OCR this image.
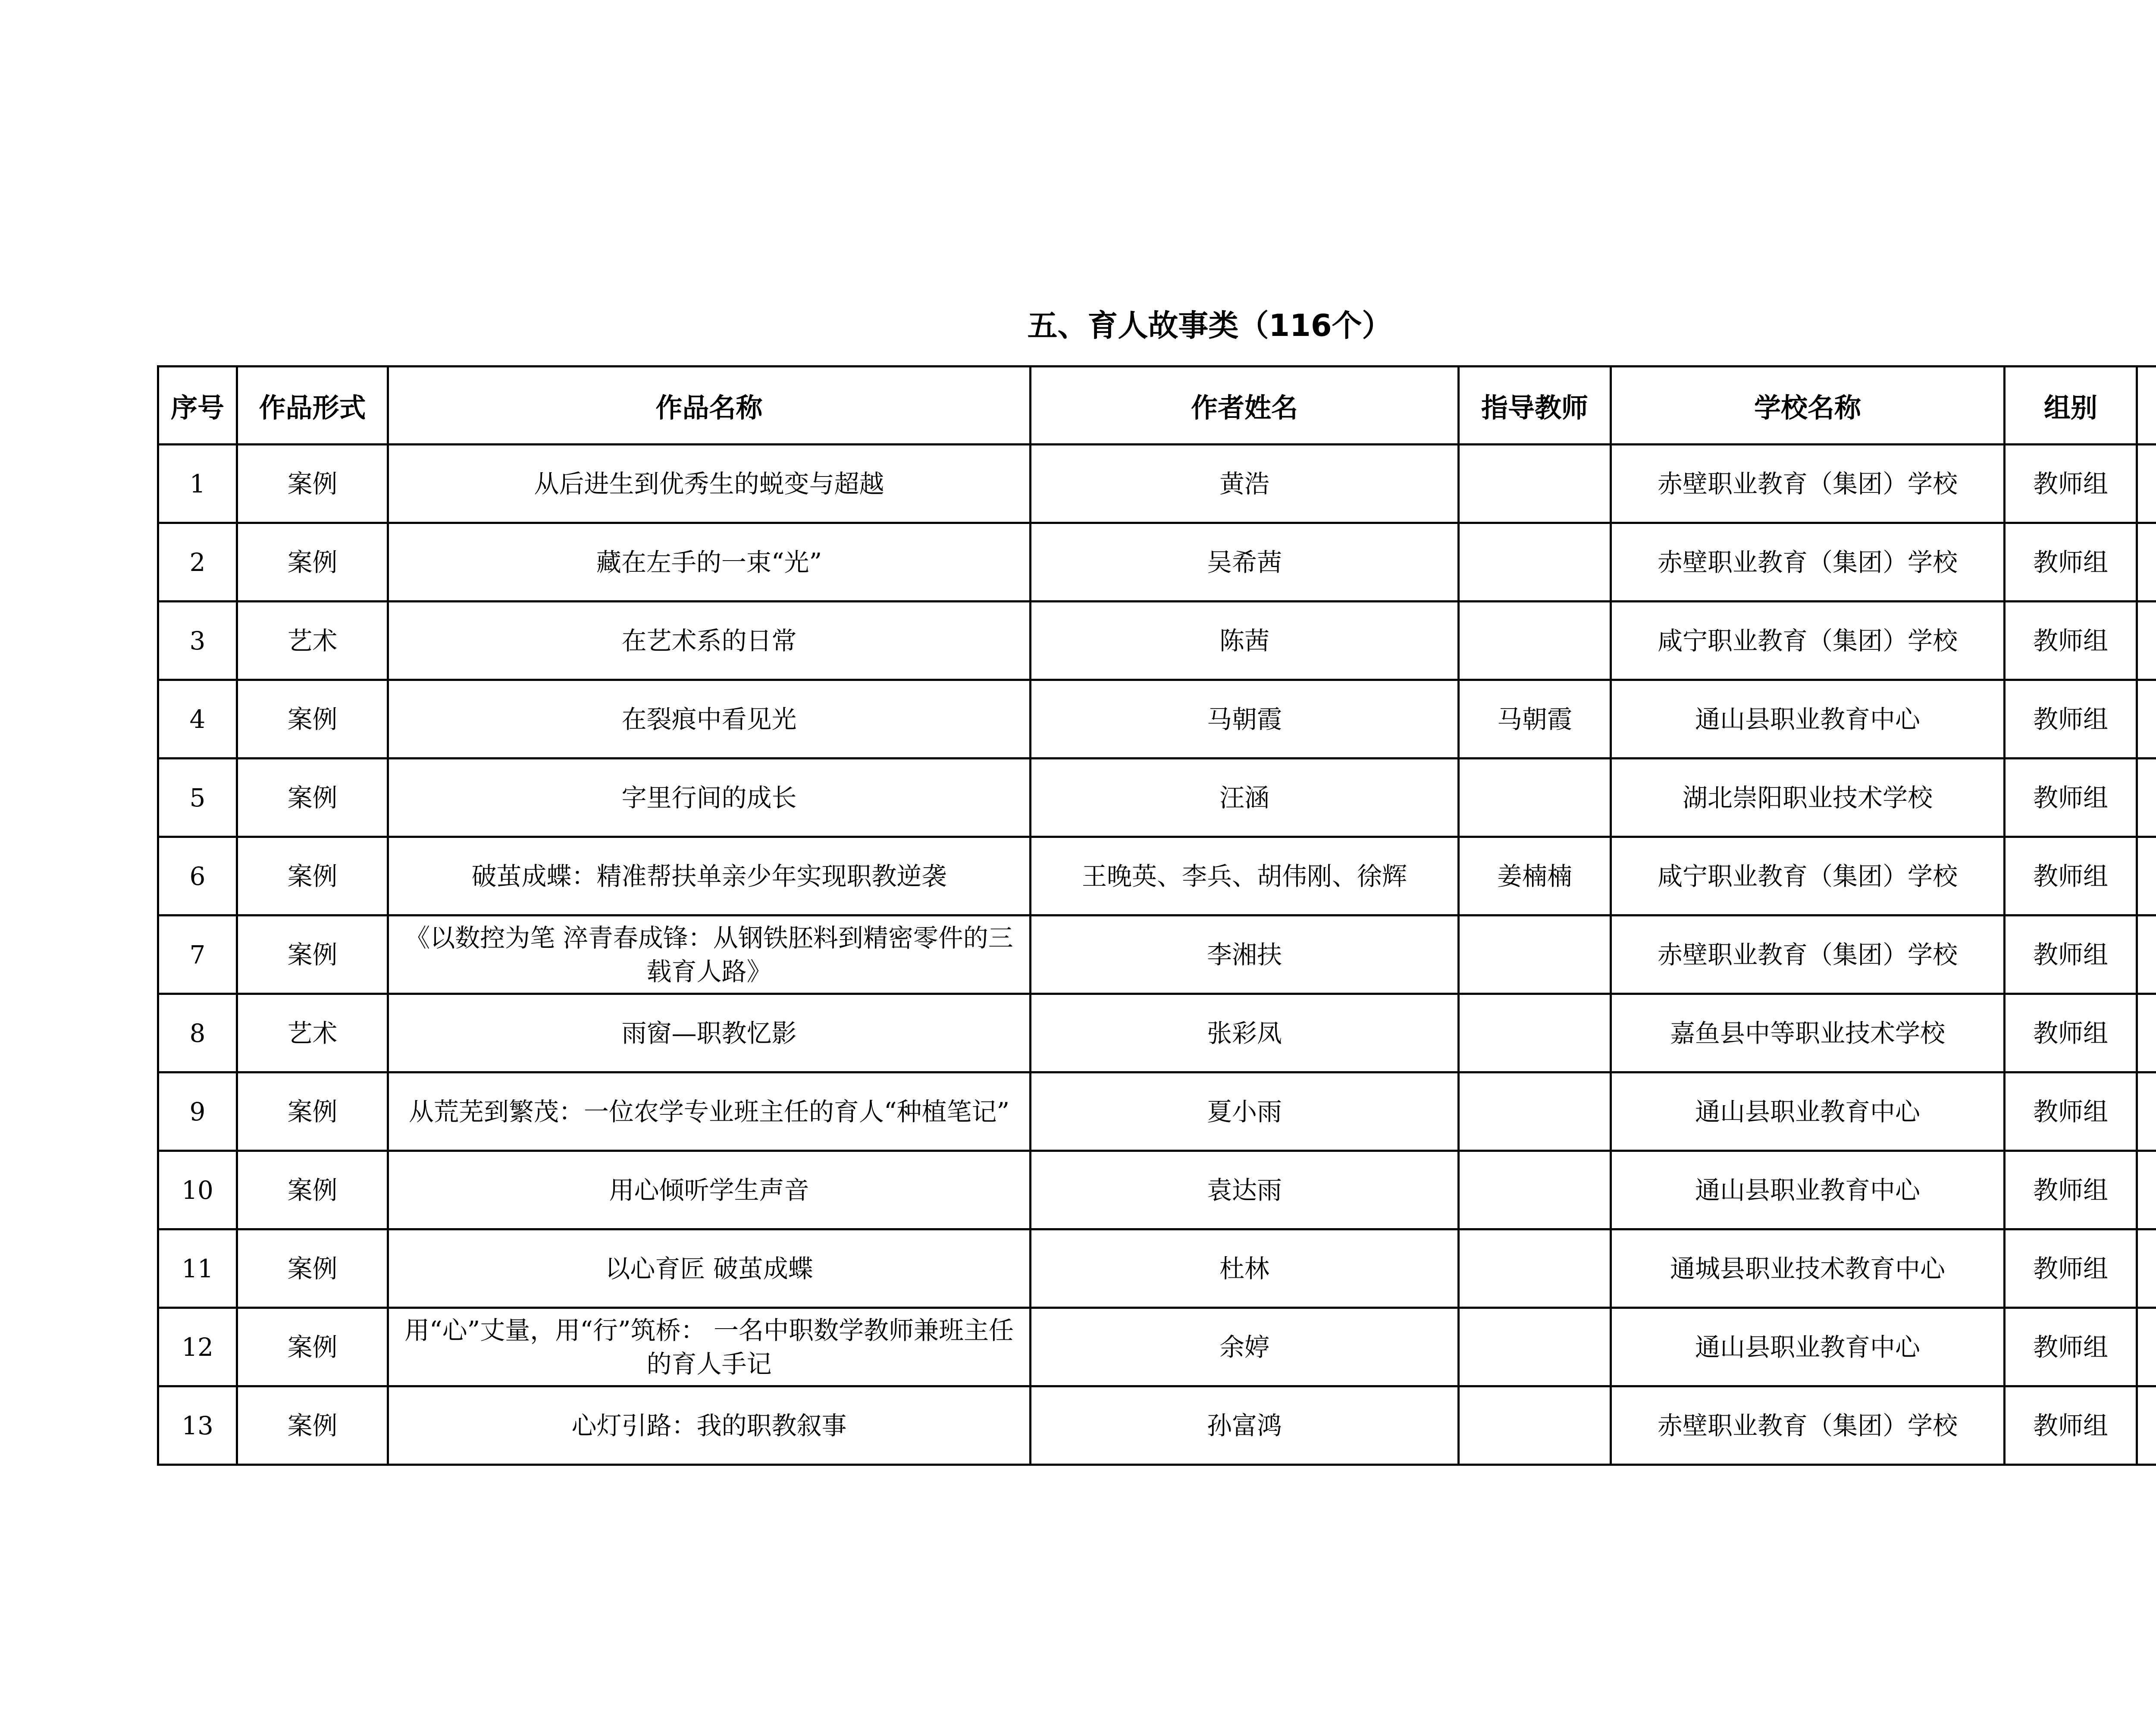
五、育人故事类（116个）
序号	作品形式	作品名称	作者姓名	指导教师	学校名称	组别	
1	案例	从后进生到优秀生的蜕变与超越	黄浩		赤壁职业教育（集团）学校	教师组	
2	案例	藏在左手的一束“光”	吴希茜		赤壁职业教育（集团）学校	教师组	
3	艺术	在艺术系的日常	陈茜		咸宁职业教育（集团）学校	教师组	
4	案例	在裂痕中看见光	马朝霞	马朝霞	通山县职业教育中心	教师组	
5	案例	字里行间的成长	汪涵		湖北崇阳职业技术学校	教师组	
6	案例	破茧成蝶：精准帮扶单亲少年实现职教逆袭	王晚英、李兵、胡伟刚、徐辉	姜楠楠	咸宁职业教育（集团）学校	教师组	
7	案例	《以数控为笔 淬青春成锋：从钢铁胚料到精密零件的三载育人路》	李湘扶		赤壁职业教育（集团）学校	教师组	
8	艺术	雨窗—职教忆影	张彩凤		嘉鱼县中等职业技术学校	教师组	
9	案例	从荒芜到繁茂：一位农学专业班主任的育人“种植笔记”	夏小雨		通山县职业教育中心	教师组	
10	案例	用心倾听学生声音	袁达雨		通山县职业教育中心	教师组	
11	案例	以心育匠 破茧成蝶	杜林		通城县职业技术教育中心	教师组	
12	案例	用“心”丈量，用“行”筑桥： 一名中职数学教师兼班主任的育人手记	余婷		通山县职业教育中心	教师组	
13	案例	心灯引路：我的职教叙事	孙富鸿		赤壁职业教育（集团）学校	教师组	
